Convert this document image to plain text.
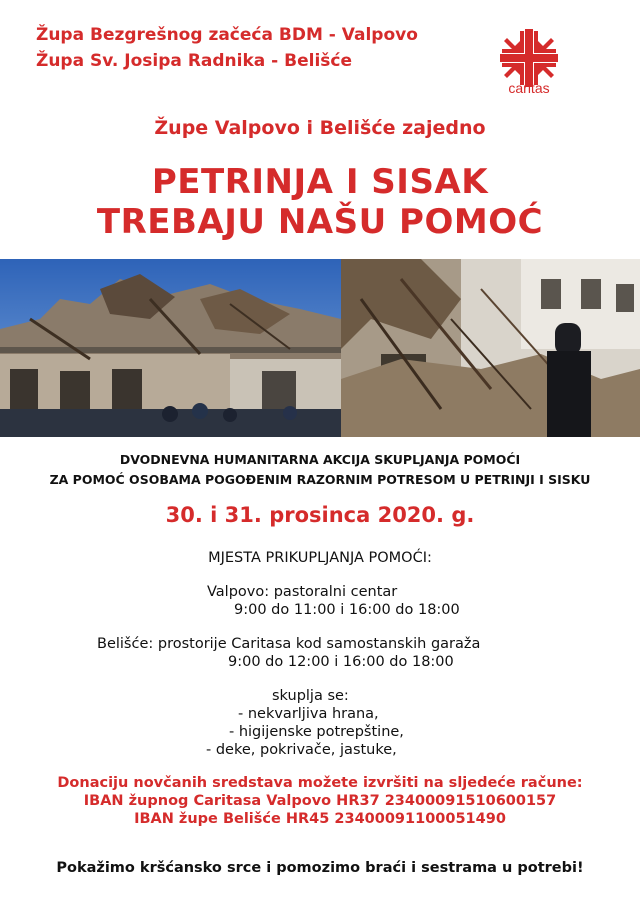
Župa Bezgrešnog začeća BDM - Valpovo
Župa Sv. Josipa Radnika - Belišće
caritas
Župe Valpovo i Belišće zajedno
PETRINJA I SISAK
TREBAJU NAŠU POMOĆ
DVODNEVNA HUMANITARNA AKCIJA SKUPLJANJA POMOĆI
ZA POMOĆ OSOBAMA POGOĐENIM RAZORNIM POTRESOM U PETRINJI I SISKU
30. i 31. prosinca 2020. g.
MJESTA PRIKUPLJANJA POMOĆI:
Valpovo: pastoralni centar
9:00 do 11:00 i 16:00 do 18:00
Belišće: prostorije Caritasa kod samostanskih garaža
9:00 do 12:00 i 16:00 do 18:00
skuplja se:
- nekvarljiva hrana,
- higijenske potrepštine,
- deke, pokrivače, jastuke,
Donaciju novčanih sredstava možete izvršiti na sljedeće račune:
IBAN župnog Caritasa Valpovo HR37 23400091510600157
IBAN župe Belišće HR45 23400091100051490
Pokažimo kršćansko srce i pomozimo braći i sestrama u potrebi!
